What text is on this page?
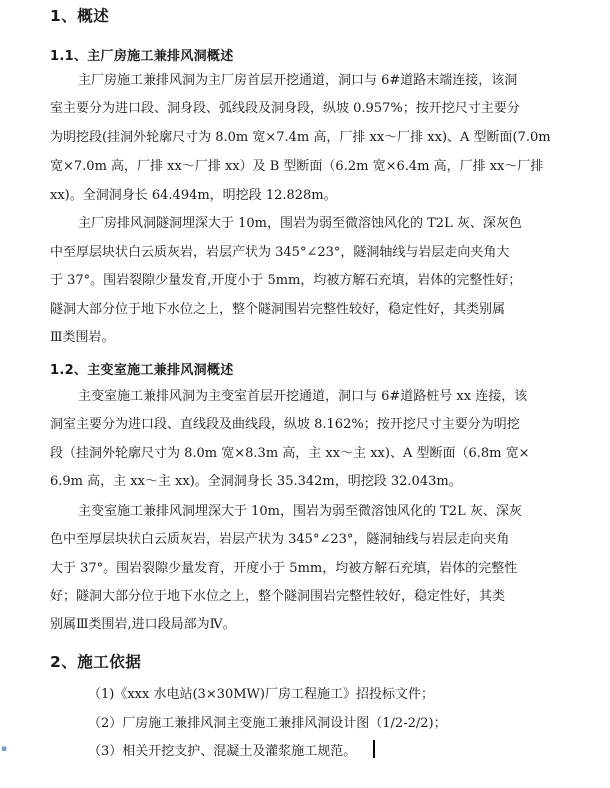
1、概述
1.1、主厂房施工兼排风洞概述
主厂房施工兼排风洞为主厂房首层开挖通道，洞口与 6#道路末端连接，该洞
室主要分为进口段、洞身段、弧线段及洞身段，纵坡 0.957%；按开挖尺寸主要分
为明挖段(挂洞外轮廓尺寸为 8.0m 宽×7.4m 高，厂排 xx～厂排 xx)、A 型断面(7.0m
宽×7.0m 高，厂排 xx～厂排 xx）及 B 型断面（6.2m 宽×6.4m 高，厂排 xx～厂排
xx)。全洞洞身长 64.494m，明挖段 12.828m。
主厂房排风洞隧洞埋深大于 10m，围岩为弱至微溶蚀风化的 T2L 灰、深灰色
中至厚层块状白云质灰岩，岩层产状为 345°∠23°，隧洞轴线与岩层走向夹角大
于 37°。围岩裂隙少量发育,开度小于 5mm，均被方解石充填，岩体的完整性好；
隧洞大部分位于地下水位之上，整个隧洞围岩完整性较好，稳定性好，其类别属
Ⅲ类围岩。
1.2、主变室施工兼排风洞概述
主变室施工兼排风洞为主变室首层开挖通道，洞口与 6#道路桩号 xx 连接，该
洞室主要分为进口段、直线段及曲线段，纵坡 8.162%；按开挖尺寸主要分为明挖
段（挂洞外轮廓尺寸为 8.0m 宽×8.3m 高，主 xx～主 xx)、A 型断面（6.8m 宽×
6.9m 高，主 xx～主 xx)。全洞洞身长 35.342m，明挖段 32.043m。
主变室施工兼排风洞埋深大于 10m，围岩为弱至微溶蚀风化的 T2L 灰、深灰
色中至厚层块状白云质灰岩，岩层产状为 345°∠23°，隧洞轴线与岩层走向夹角
大于 37°。围岩裂隙少量发育，开度小于 5mm，均被方解石充填，岩体的完整性
好；隧洞大部分位于地下水位之上，整个隧洞围岩完整性较好，稳定性好，其类
别属Ⅲ类围岩,进口段局部为Ⅳ。
2、施工依据
（1)《xxx 水电站(3×30MW)厂房工程施工》招投标文件；
（2）厂房施工兼排风洞主变施工兼排风洞设计图（1/2-2/2)；
（3）相关开挖支护、混凝土及灌浆施工规范。
▪
